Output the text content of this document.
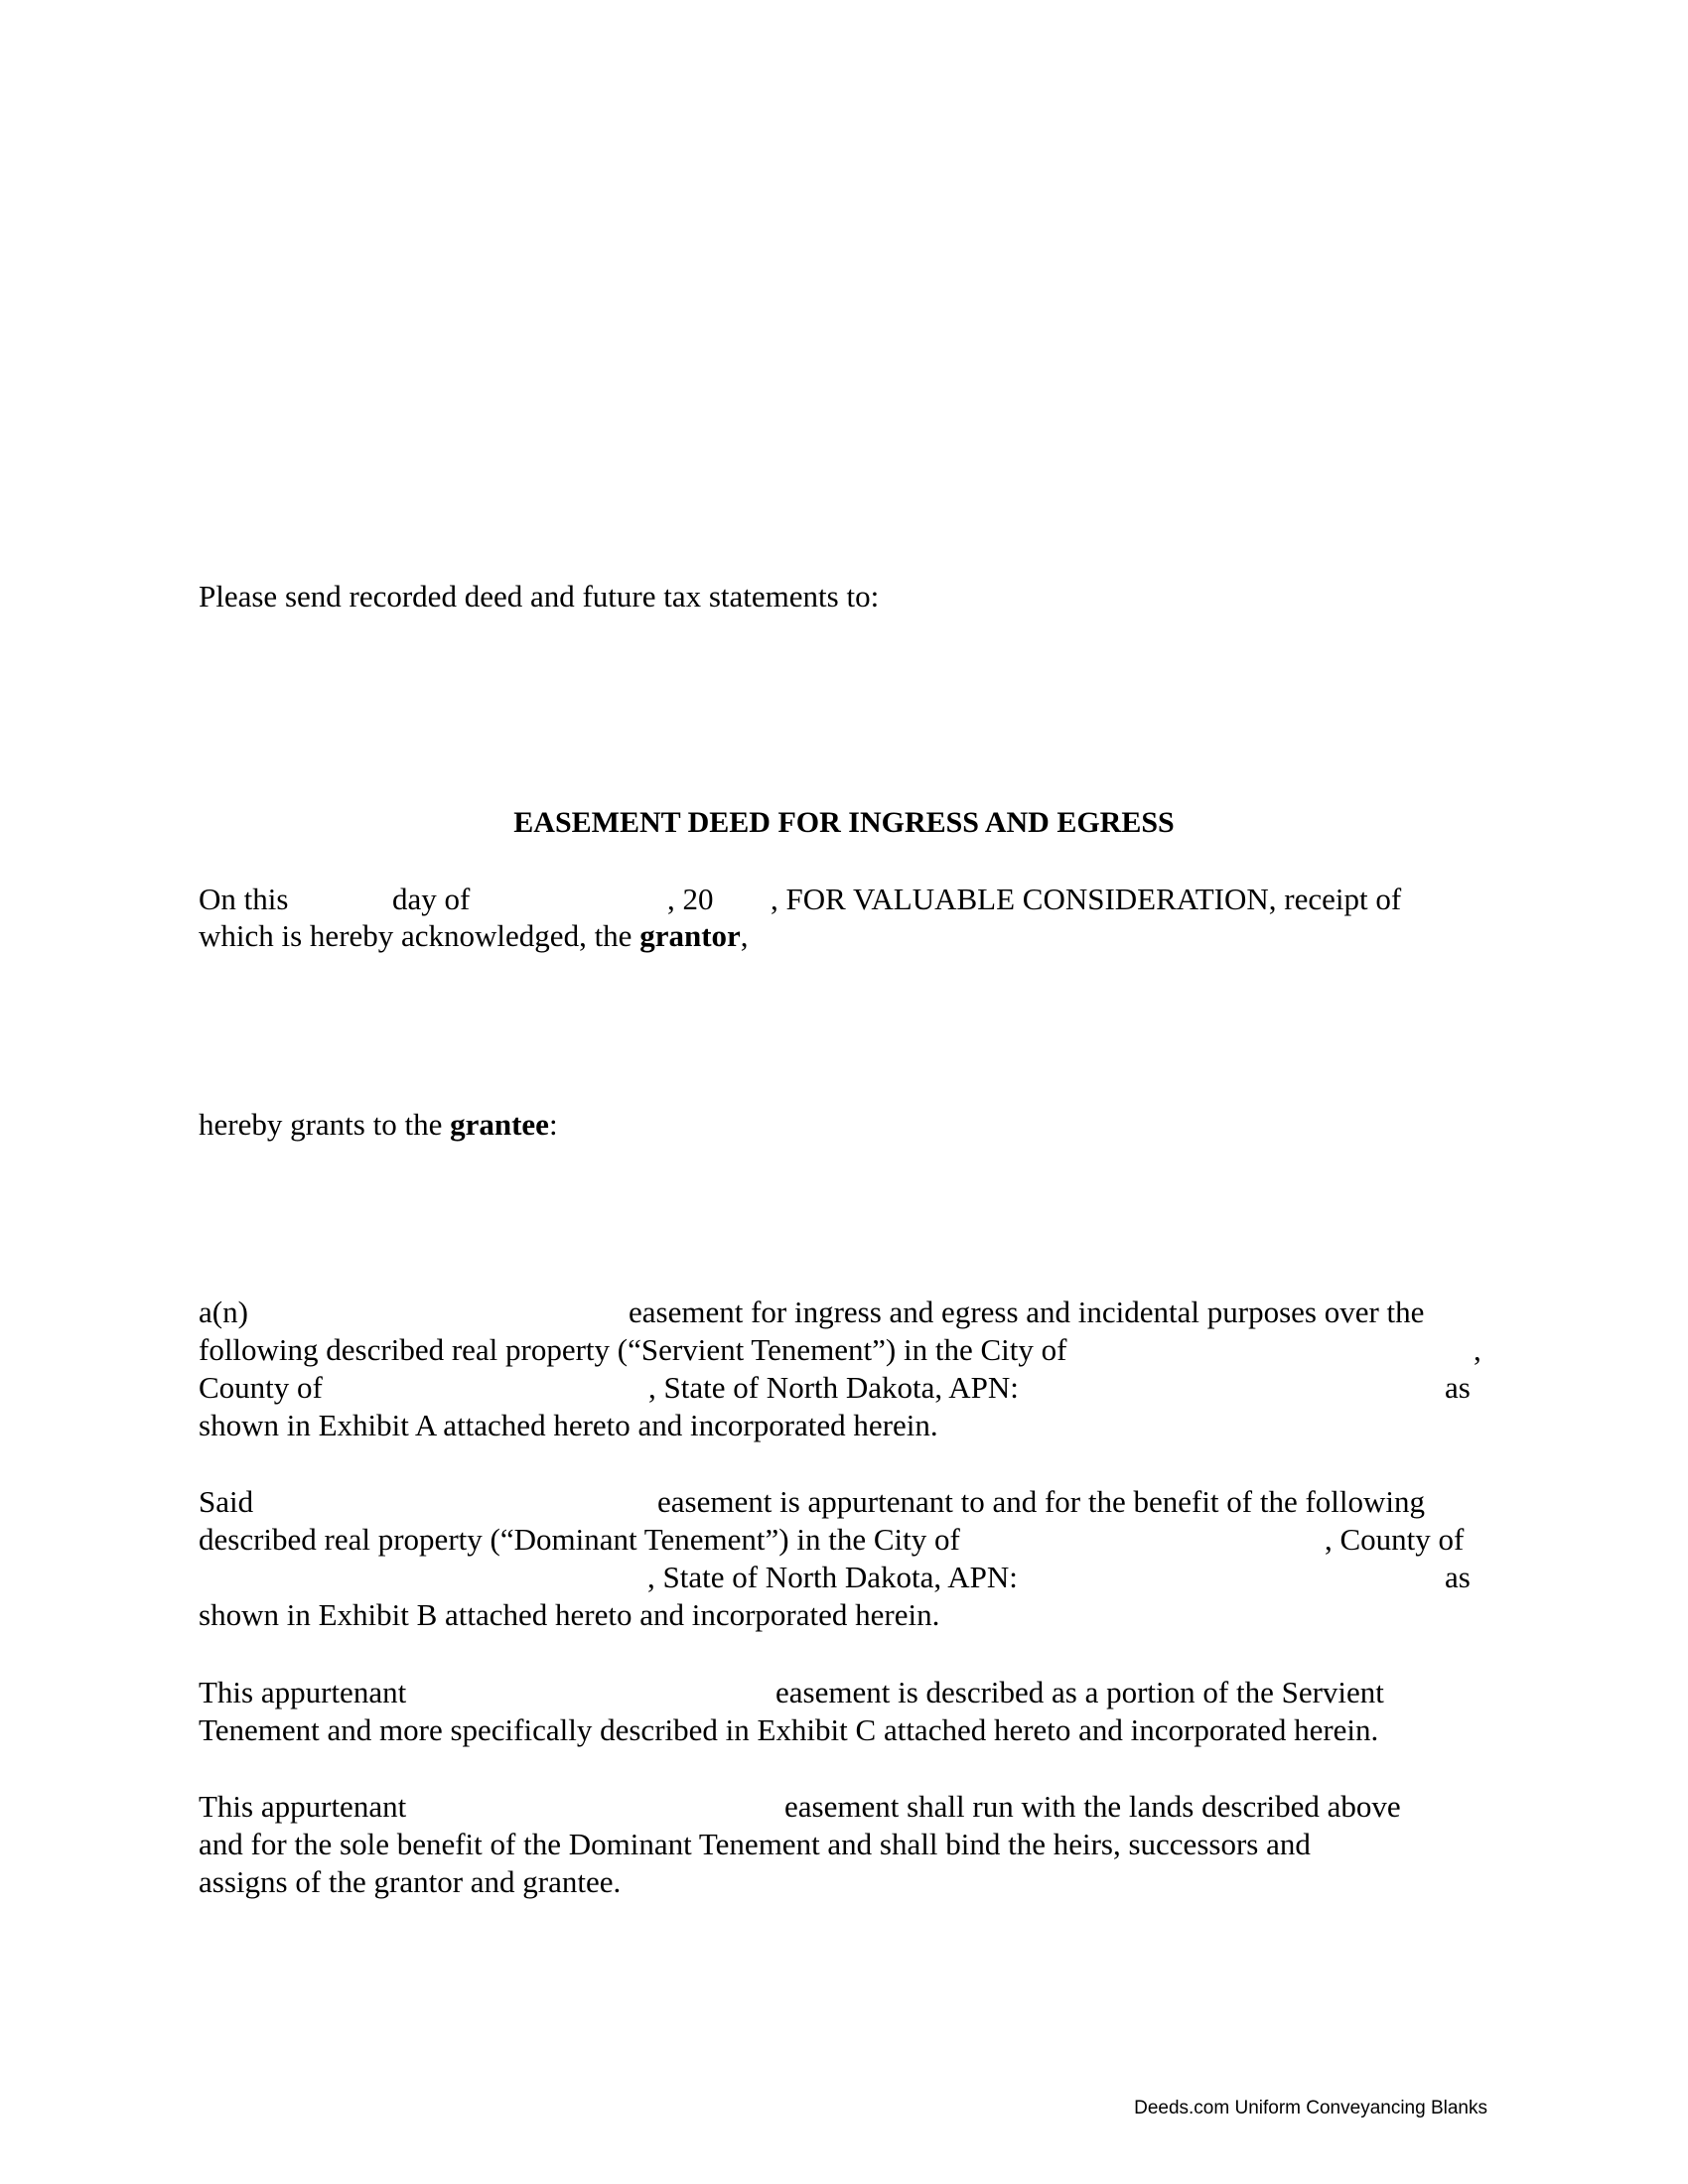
Please send recorded deed and future tax statements to:
EASEMENT DEED FOR INGRESS AND EGRESS
On this	day of	, 20 , FOR VALUABLE CONSIDERATION, receipt of
which is hereby acknowledged, the grantor,
hereby grants to the grantee:
a(n)	easement for ingress and egress and incidental purposes over the
following described real property (“Servient Tenement”) in the City of	,
County of	, State of North Dakota, APN:	as
shown in Exhibit A attached hereto and incorporated herein.
Said	easement is appurtenant to and for the benefit of the following
described real property (“Dominant Tenement”) in the City of	, County of
, State of North Dakota, APN:	as
shown in Exhibit B attached hereto and incorporated herein.
This appurtenant	easement is described as a portion of the Servient
Tenement and more specifically described in Exhibit C attached hereto and incorporated herein.
This appurtenant	easement shall run with the lands described above
and for the sole benefit of the Dominant Tenement and shall bind the heirs, successors and
assigns of the grantor and grantee.
Deeds.com Uniform Conveyancing Blanks
